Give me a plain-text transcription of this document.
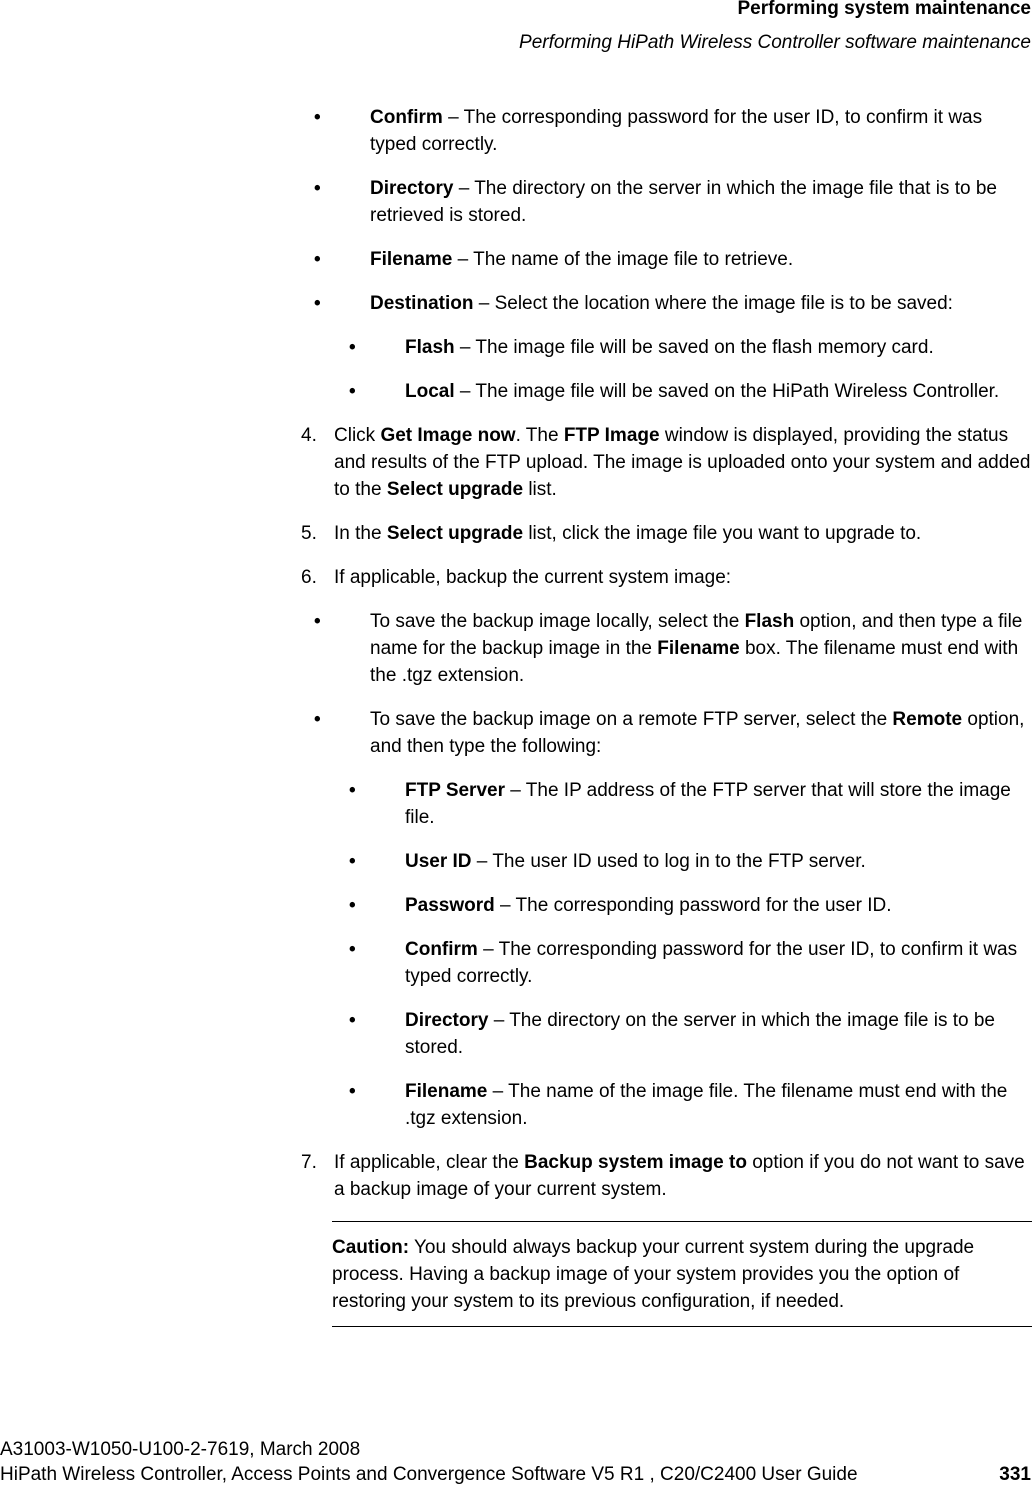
Performing system maintenance
Performing HiPath Wireless Controller software maintenance
•	Confirm – The corresponding password for the user ID, to confirm it was typed correctly.
•	Directory – The directory on the server in which the image file that is to be retrieved is stored.
•	Filename – The name of the image file to retrieve.
•	Destination – Select the location where the image file is to be saved:
•	Flash – The image file will be saved on the flash memory card.
•	Local – The image file will be saved on the HiPath Wireless Controller.
4. Click Get Image now. The FTP Image window is displayed, providing the status and results of the FTP upload. The image is uploaded onto your system and added to the Select upgrade list.
5. In the Select upgrade list, click the image file you want to upgrade to.
6. If applicable, backup the current system image:
•	To save the backup image locally, select the Flash option, and then type a file name for the backup image in the Filename box. The filename must end with the .tgz extension.
•	To save the backup image on a remote FTP server, select the Remote option, and then type the following:
•	FTP Server – The IP address of the FTP server that will store the image file.
•	User ID – The user ID used to log in to the FTP server.
•	Password – The corresponding password for the user ID.
•	Confirm – The corresponding password for the user ID, to confirm it was typed correctly.
•	Directory – The directory on the server in which the image file is to be stored.
•	Filename – The name of the image file. The filename must end with the .tgz extension.
7. If applicable, clear the Backup system image to option if you do not want to save a backup image of your current system.
Caution: You should always backup your current system during the upgrade process. Having a backup image of your system provides you the option of restoring your system to its previous configuration, if needed.
A31003-W1050-U100-2-7619, March 2008
HiPath Wireless Controller, Access Points and Convergence Software V5 R1 , C20/C2400 User Guide	331
